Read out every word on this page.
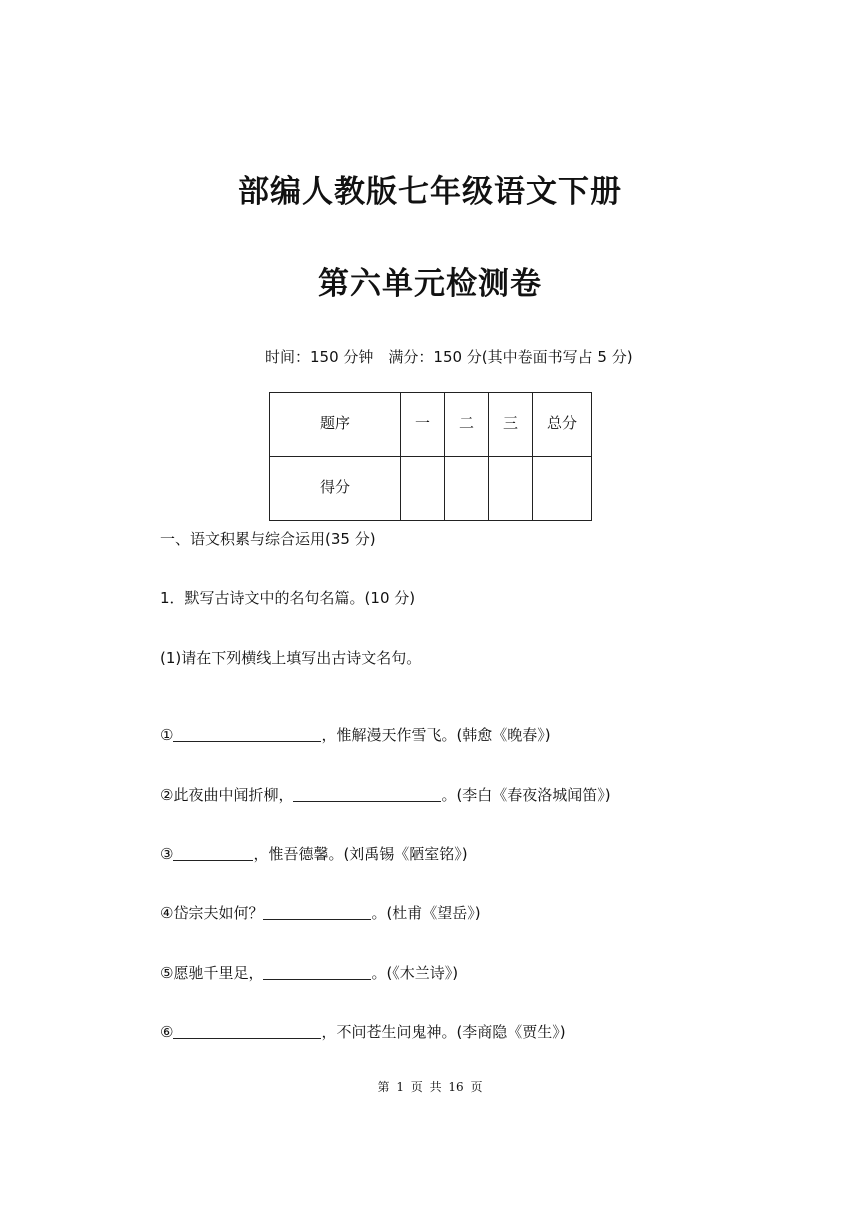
部编人教版七年级语文下册
第六单元检测卷
时间：150 分钟　满分：150 分(其中卷面书写占 5 分)
题序	一	二	三	总分
得分				

一、语文积累与综合运用(35 分)

1．默写古诗文中的名句名篇。(10 分)

(1)请在下列横线上填写出古诗文名句。

①	，惟解漫天作雪飞。(韩愈《晚春》)

②此夜曲中闻折柳，	。(李白《春夜洛城闻笛》)

③	，惟吾德馨。(刘禹锡《陋室铭》)

④岱宗夫如何？	。(杜甫《望岳》)

⑤愿驰千里足，	。(《木兰诗》)

⑥	，不问苍生问鬼神。(李商隐《贾生》)

第 1 页 共 16 页
